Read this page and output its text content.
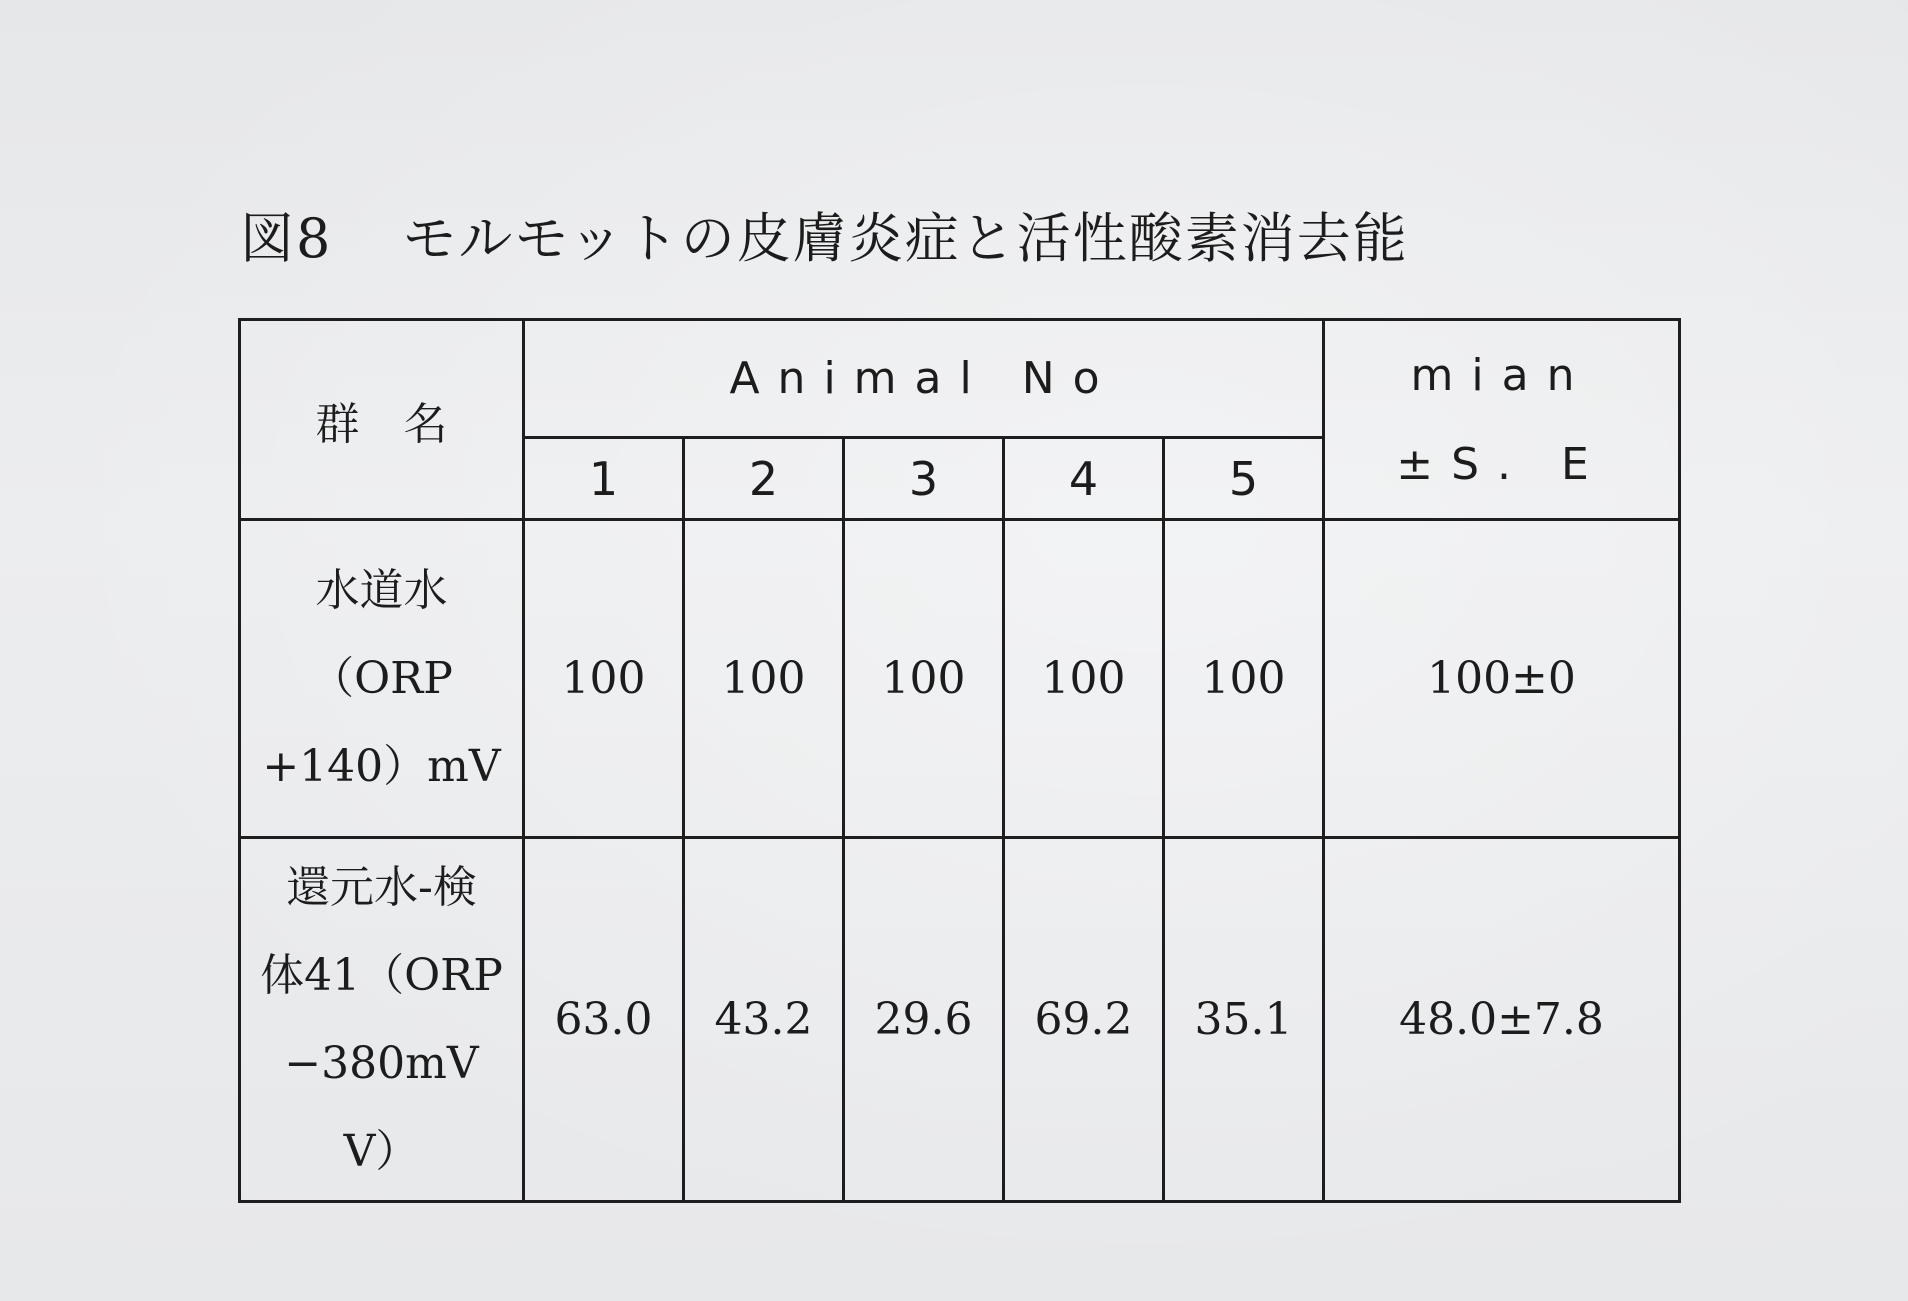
図8 モルモットの皮膚炎症と活性酸素消去能
群　名	Animal No					mian
±S. E

	1	2	3	4	5	

水道水
（ORP
+140）mV	100	100	100	100	100	100±0

還元水-検
体41（ORP
−380mV
V）	63.0	43.2	29.6	69.2	35.1	48.0±7.8
